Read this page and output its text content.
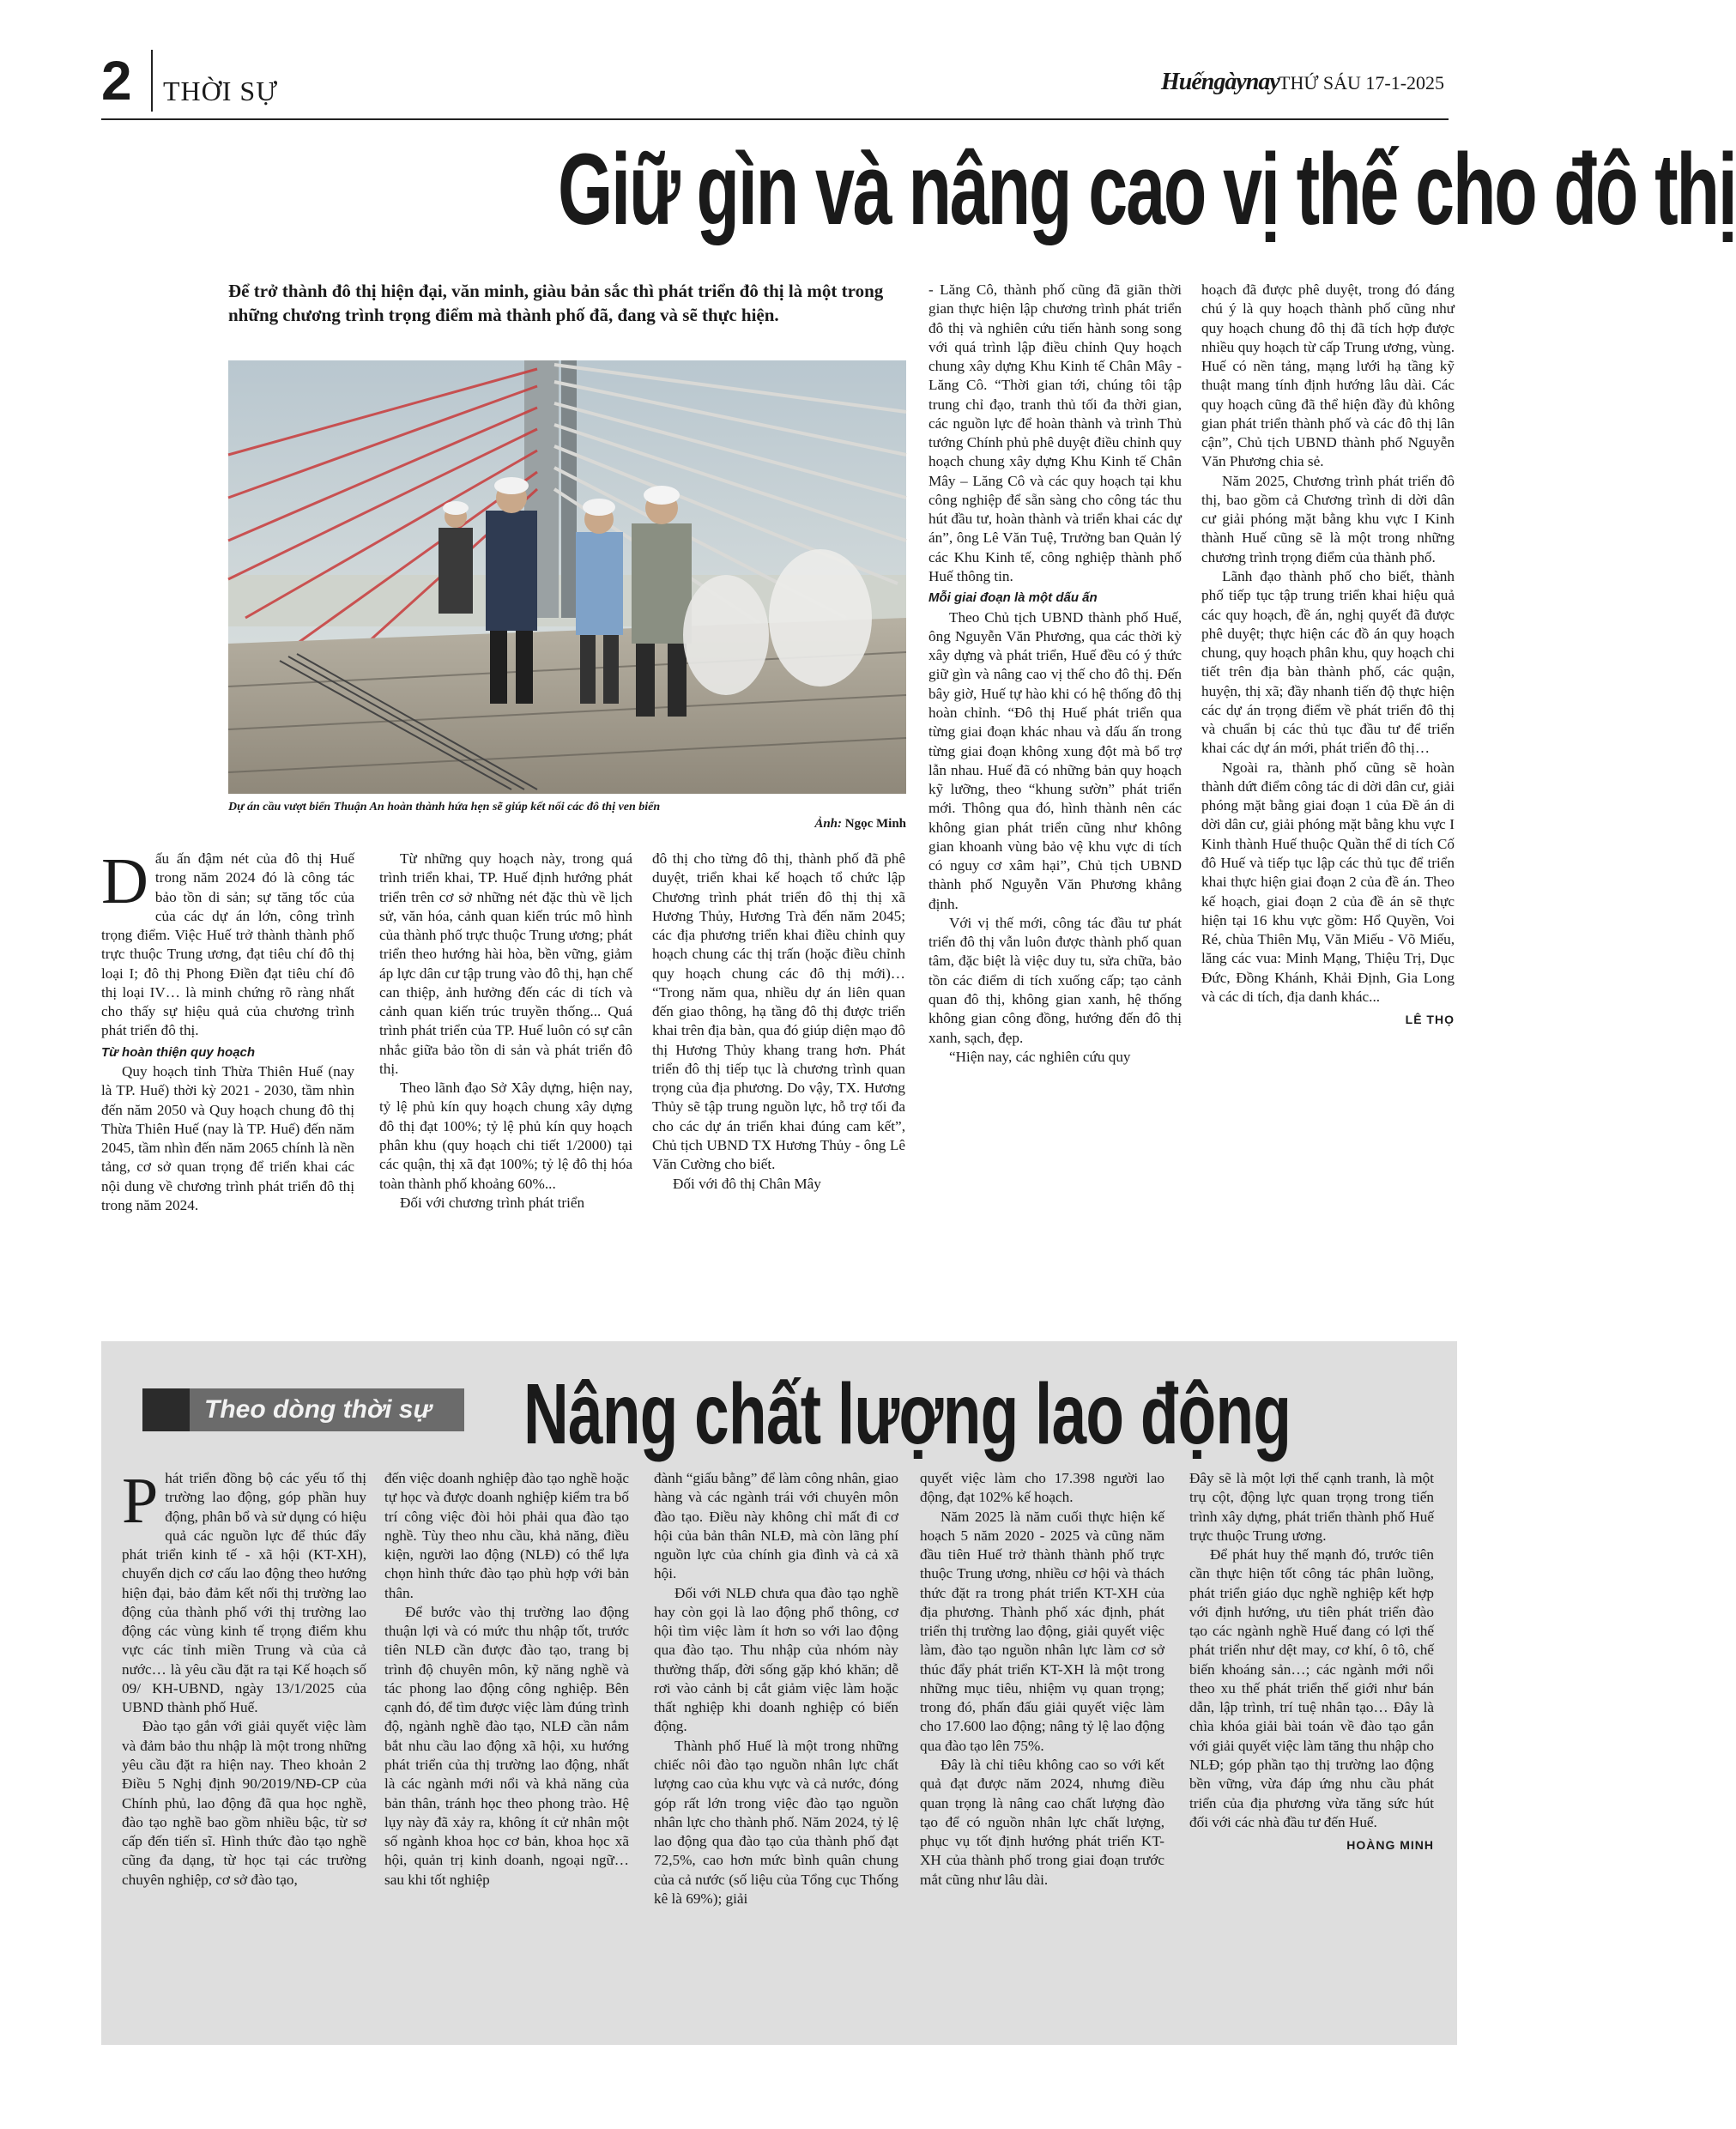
2 THỜI SỰ	Huếngàynay THỨ SÁU 17-1-2025
Giữ gìn và nâng cao vị thế cho đô thị
Để trở thành đô thị hiện đại, văn minh, giàu bản sắc thì phát triển đô thị là một trong những chương trình trọng điểm mà thành phố đã, đang và sẽ thực hiện.
Dự án cầu vượt biển Thuận An hoàn thành hứa hẹn sẽ giúp kết nối các đô thị ven biển
Ảnh: Ngọc Minh

Dấu ấn đậm nét của đô thị Huế trong năm 2024 đó là công tác bảo tồn di sản; sự tăng tốc của của các dự án lớn, công trình trọng điểm. Việc Huế trở thành thành phố trực thuộc Trung ương, đạt tiêu chí đô thị loại I; đô thị Phong Điền đạt tiêu chí đô thị loại IV… là minh chứng rõ ràng nhất cho thấy sự hiệu quả của chương trình phát triển đô thị.

Từ hoàn thiện quy hoạch

Quy hoạch tỉnh Thừa Thiên Huế (nay là TP. Huế) thời kỳ 2021 - 2030, tầm nhìn đến năm 2050 và Quy hoạch chung đô thị Thừa Thiên Huế (nay là TP. Huế) đến năm 2045, tầm nhìn đến năm 2065 chính là nền tảng, cơ sở quan trọng để triển khai các nội dung về chương trình phát triển đô thị trong năm 2024.

Từ những quy hoạch này, trong quá trình triển khai, TP. Huế định hướng phát triển trên cơ sở những nét đặc thù về lịch sử, văn hóa, cảnh quan kiến trúc mô hình của thành phố trực thuộc Trung ương; phát triển theo hướng hài hòa, bền vững, giảm áp lực dân cư tập trung vào đô thị, hạn chế can thiệp, ảnh hưởng đến các di tích và cảnh quan kiến trúc truyền thống... Quá trình phát triển của TP. Huế luôn có sự cân nhắc giữa bảo tồn di sản và phát triển đô thị.

Theo lãnh đạo Sở Xây dựng, hiện nay, tỷ lệ phủ kín quy hoạch chung xây dựng đô thị đạt 100%; tỷ lệ phủ kín quy hoạch phân khu (quy hoạch chi tiết 1/2000) tại các quận, thị xã đạt 100%; tỷ lệ đô thị hóa toàn thành phố khoảng 60%...

Đối với chương trình phát triển

đô thị cho từng đô thị, thành phố đã phê duyệt, triển khai kế hoạch tổ chức lập Chương trình phát triển đô thị thị xã Hương Thủy, Hương Trà đến năm 2045; các địa phương triển khai điều chỉnh quy hoạch chung các thị trấn (hoặc điều chỉnh quy hoạch chung các đô thị mới)… “Trong năm qua, nhiều dự án liên quan đến giao thông, hạ tầng đô thị được triển khai trên địa bàn, qua đó giúp diện mạo đô thị Hương Thủy khang trang hơn. Phát triển đô thị tiếp tục là chương trình quan trọng của địa phương. Do vậy, TX. Hương Thủy sẽ tập trung nguồn lực, hỗ trợ tối đa cho các dự án triển khai đúng cam kết”, Chủ tịch UBND TX Hương Thủy - ông Lê Văn Cường cho biết.

Đối với đô thị Chân Mây

- Lăng Cô, thành phố cũng đã giãn thời gian thực hiện lập chương trình phát triển đô thị và nghiên cứu tiến hành song song với quá trình lập điều chỉnh Quy hoạch chung xây dựng Khu Kinh tế Chân Mây - Lăng Cô. “Thời gian tới, chúng tôi tập trung chỉ đạo, tranh thủ tối đa thời gian, các nguồn lực để hoàn thành và trình Thủ tướng Chính phủ phê duyệt điều chỉnh quy hoạch chung xây dựng Khu Kinh tế Chân Mây – Lăng Cô và các quy hoạch tại khu công nghiệp để sẵn sàng cho công tác thu hút đầu tư, hoàn thành và triển khai các dự án”, ông Lê Văn Tuệ, Trưởng ban Quản lý các Khu Kinh tế, công nghiệp thành phố Huế thông tin.

Mỗi giai đoạn là một dấu ấn

Theo Chủ tịch UBND thành phố Huế, ông Nguyễn Văn Phương, qua các thời kỳ xây dựng và phát triển, Huế đều có ý thức giữ gìn và nâng cao vị thế cho đô thị. Đến bây giờ, Huế tự hào khi có hệ thống đô thị hoàn chỉnh. “Đô thị Huế phát triển qua từng giai đoạn khác nhau và dấu ấn trong từng giai đoạn không xung đột mà bổ trợ lẫn nhau. Huế đã có những bản quy hoạch kỹ lưỡng, theo “khung sườn” phát triển mới. Thông qua đó, hình thành nên các không gian phát triển cũng như không gian khoanh vùng bảo vệ khu vực di tích có nguy cơ xâm hại”, Chủ tịch UBND thành phố Nguyễn Văn Phương khẳng định.

Với vị thế mới, công tác đầu tư phát triển đô thị vẫn luôn được thành phố quan tâm, đặc biệt là việc duy tu, sửa chữa, bảo tồn các điểm di tích xuống cấp; tạo cảnh quan đô thị, không gian xanh, hệ thống không gian công đồng, hướng đến đô thị xanh, sạch, đẹp.

“Hiện nay, các nghiên cứu quy

hoạch đã được phê duyệt, trong đó đáng chú ý là quy hoạch thành phố cũng như quy hoạch chung đô thị đã tích hợp được nhiều quy hoạch từ cấp Trung ương, vùng. Huế có nền tảng, mạng lưới hạ tầng kỹ thuật mang tính định hướng lâu dài. Các quy hoạch cũng đã thể hiện đầy đủ không gian phát triển thành phố và các đô thị lân cận”, Chủ tịch UBND thành phố Nguyễn Văn Phương chia sẻ.

Năm 2025, Chương trình phát triển đô thị, bao gồm cả Chương trình di dời dân cư giải phóng mặt bằng khu vực I Kinh thành Huế cũng sẽ là một trong những chương trình trọng điểm của thành phố.

Lãnh đạo thành phố cho biết, thành phố tiếp tục tập trung triển khai hiệu quả các quy hoạch, đề án, nghị quyết đã được phê duyệt; thực hiện các đồ án quy hoạch chung, quy hoạch phân khu, quy hoạch chi tiết trên địa bàn thành phố, các quận, huyện, thị xã; đầy nhanh tiến độ thực hiện các dự án trọng điểm về phát triển đô thị và chuẩn bị các thủ tục đầu tư để triển khai các dự án mới, phát triển đô thị…

Ngoài ra, thành phố cũng sẽ hoàn thành dứt điểm công tác di dời dân cư, giải phóng mặt bằng giai đoạn 1 của Đề án di dời dân cư, giải phóng mặt bằng khu vực I Kinh thành Huế thuộc Quần thể di tích Cố đô Huế và tiếp tục lập các thủ tục để triển khai thực hiện giai đoạn 2 của đề án. Theo kế hoạch, giai đoạn 2 của đề án sẽ thực hiện tại 16 khu vực gồm: Hổ Quyền, Voi Ré, chùa Thiên Mụ, Văn Miếu - Võ Miếu, lăng các vua: Minh Mạng, Thiệu Trị, Dục Đức, Đồng Khánh, Khải Định, Gia Long và các di tích, địa danh khác...

LÊ THỌ
Theo dòng thời sự	Nâng chất lượng lao động

Phát triển đồng bộ các yếu tố thị trường lao động, góp phần huy động, phân bổ và sử dụng có hiệu quả các nguồn lực để thúc đẩy phát triển kinh tế - xã hội (KT-XH), chuyển dịch cơ cấu lao động theo hướng hiện đại, bảo đảm kết nối thị trường lao động của thành phố với thị trường lao động các vùng kinh tế trọng điểm khu vực các tỉnh miền Trung và của cả nước… là yêu cầu đặt ra tại Kế hoạch số 09/ KH-UBND, ngày 13/1/2025 của UBND thành phố Huế.

Đào tạo gắn với giải quyết việc làm và đảm bảo thu nhập là một trong những yêu cầu đặt ra hiện nay. Theo khoản 2 Điều 5 Nghị định 90/2019/NĐ-CP của Chính phủ, lao động đã qua học nghề, đào tạo nghề bao gồm nhiều bậc, từ sơ cấp đến tiến sĩ. Hình thức đào tạo nghề cũng đa dạng, từ học tại các trường chuyên nghiệp, cơ sở đào tạo,

đến việc doanh nghiệp đào tạo nghề hoặc tự học và được doanh nghiệp kiểm tra bố trí công việc đòi hỏi phải qua đào tạo nghề. Tùy theo nhu cầu, khả năng, điều kiện, người lao động (NLĐ) có thể lựa chọn hình thức đào tạo phù hợp với bản thân.

Để bước vào thị trường lao động thuận lợi và có mức thu nhập tốt, trước tiên NLĐ cần được đào tạo, trang bị trình độ chuyên môn, kỹ năng nghề và tác phong lao động công nghiệp. Bên cạnh đó, để tìm được việc làm đúng trình độ, ngành nghề đào tạo, NLĐ cần nắm bắt nhu cầu lao động xã hội, xu hướng phát triển của thị trường lao động, nhất là các ngành mới nổi và khả năng của bản thân, tránh học theo phong trào. Hệ lụy này đã xảy ra, không ít cử nhân một số ngành khoa học cơ bản, khoa học xã hội, quản trị kinh doanh, ngoại ngữ… sau khi tốt nghiệp

đành “giấu bằng” để làm công nhân, giao hàng và các ngành trái với chuyên môn đào tạo. Điều này không chỉ mất đi cơ hội của bản thân NLĐ, mà còn lãng phí nguồn lực của chính gia đình và cả xã hội.

Đối với NLĐ chưa qua đào tạo nghề hay còn gọi là lao động phổ thông, cơ hội tìm việc làm ít hơn so với lao động qua đào tạo. Thu nhập của nhóm này thường thấp, đời sống gặp khó khăn; dễ rơi vào cảnh bị cắt giảm việc làm hoặc thất nghiệp khi doanh nghiệp có biến động.

Thành phố Huế là một trong những chiếc nôi đào tạo nguồn nhân lực chất lượng cao của khu vực và cả nước, đóng góp rất lớn trong việc đào tạo nguồn nhân lực cho thành phố. Năm 2024, tỷ lệ lao động qua đào tạo của thành phố đạt 72,5%, cao hơn mức bình quân chung của cả nước (số liệu của Tổng cục Thống kê là 69%); giải

quyết việc làm cho 17.398 người lao động, đạt 102% kế hoạch.

Năm 2025 là năm cuối thực hiện kế hoạch 5 năm 2020 - 2025 và cũng năm đầu tiên Huế trở thành thành phố trực thuộc Trung ương, nhiều cơ hội và thách thức đặt ra trong phát triển KT-XH của địa phương. Thành phố xác định, phát triển thị trường lao động, giải quyết việc làm, đào tạo nguồn nhân lực làm cơ sở thúc đẩy phát triển KT-XH là một trong những mục tiêu, nhiệm vụ quan trọng; trong đó, phấn đấu giải quyết việc làm cho 17.600 lao động; nâng tỷ lệ lao động qua đào tạo lên 75%.

Đây là chỉ tiêu không cao so với kết quả đạt được năm 2024, nhưng điều quan trọng là nâng cao chất lượng đào tạo để có nguồn nhân lực chất lượng, phục vụ tốt định hướng phát triển KT-XH của thành phố trong giai đoạn trước mắt cũng như lâu dài.

Đây sẽ là một lợi thế cạnh tranh, là một trụ cột, động lực quan trọng trong tiến trình xây dựng, phát triển thành phố Huế trực thuộc Trung ương.

Để phát huy thế mạnh đó, trước tiên cần thực hiện tốt công tác phân luồng, phát triển giáo dục nghề nghiệp kết hợp với định hướng, ưu tiên phát triển đào tạo các ngành nghề Huế đang có lợi thế phát triển như dệt may, cơ khí, ô tô, chế biến khoáng sản…; các ngành mới nổi theo xu thế phát triển thế giới như bán dẫn, lập trình, trí tuệ nhân tạo… Đây là chìa khóa giải bài toán về đào tạo gắn với giải quyết việc làm tăng thu nhập cho NLĐ; góp phần tạo thị trường lao động bền vững, vừa đáp ứng nhu cầu phát triển của địa phương vừa tăng sức hút đối với các nhà đầu tư đến Huế.

HOÀNG MINH
